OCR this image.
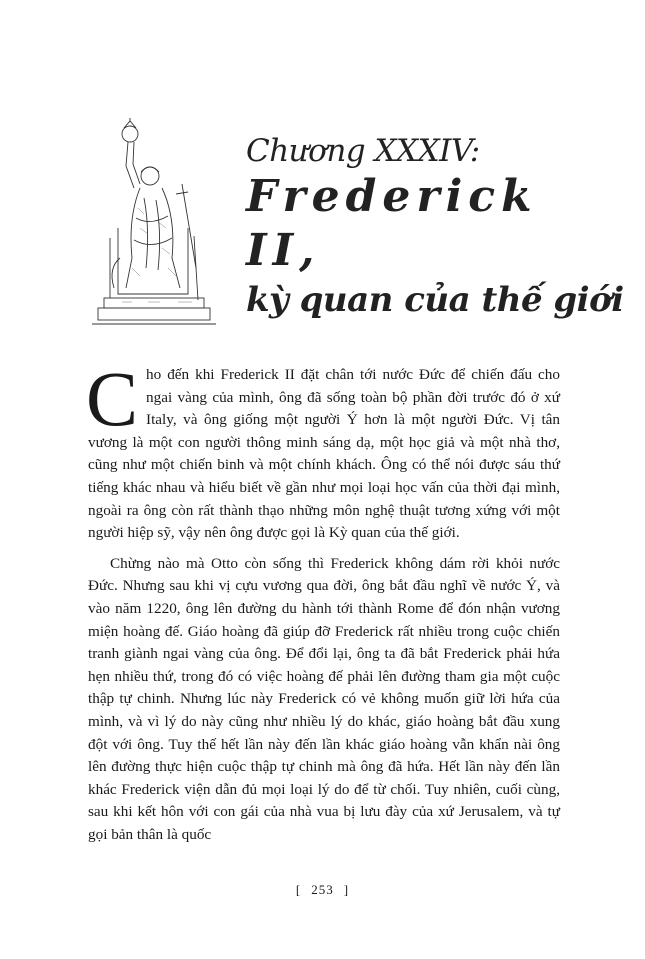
Chương XXXIV:
Frederick II,
kỳ quan của thế giới

Cho đến khi Frederick II đặt chân tới nước Đức để chiến đấu cho ngai vàng của mình, ông đã sống toàn bộ phần đời trước đó ở xứ Italy, và ông giống một người Ý hơn là một người Đức. Vị tân vương là một con người thông minh sáng dạ, một học giả và một nhà thơ, cũng như một chiến binh và một chính khách. Ông có thể nói được sáu thứ tiếng khác nhau và hiểu biết về gần như mọi loại học vấn của thời đại mình, ngoài ra ông còn rất thành thạo những môn nghệ thuật tương xứng với một người hiệp sỹ, vậy nên ông được gọi là Kỳ quan của thế giới.

Chừng nào mà Otto còn sống thì Frederick không dám rời khỏi nước Đức. Nhưng sau khi vị cựu vương qua đời, ông bắt đầu nghĩ về nước Ý, và vào năm 1220, ông lên đường du hành tới thành Rome để đón nhận vương miện hoàng đế. Giáo hoàng đã giúp đỡ Frederick rất nhiều trong cuộc chiến tranh giành ngai vàng của ông. Để đổi lại, ông ta đã bắt Frederick phải hứa hẹn nhiều thứ, trong đó có việc hoàng đế phải lên đường tham gia một cuộc thập tự chinh. Nhưng lúc này Frederick có vẻ không muốn giữ lời hứa của mình, và vì lý do này cũng như nhiều lý do khác, giáo hoàng bắt đầu xung đột với ông. Tuy thế hết lần này đến lần khác giáo hoàng vẫn khẩn nài ông lên đường thực hiện cuộc thập tự chinh mà ông đã hứa. Hết lần này đến lần khác Frederick viện dẫn đủ mọi loại lý do để từ chối. Tuy nhiên, cuối cùng, sau khi kết hôn với con gái của nhà vua bị lưu đày của xứ Jerusalem, và tự gọi bản thân là quốc

[ 253 ]
